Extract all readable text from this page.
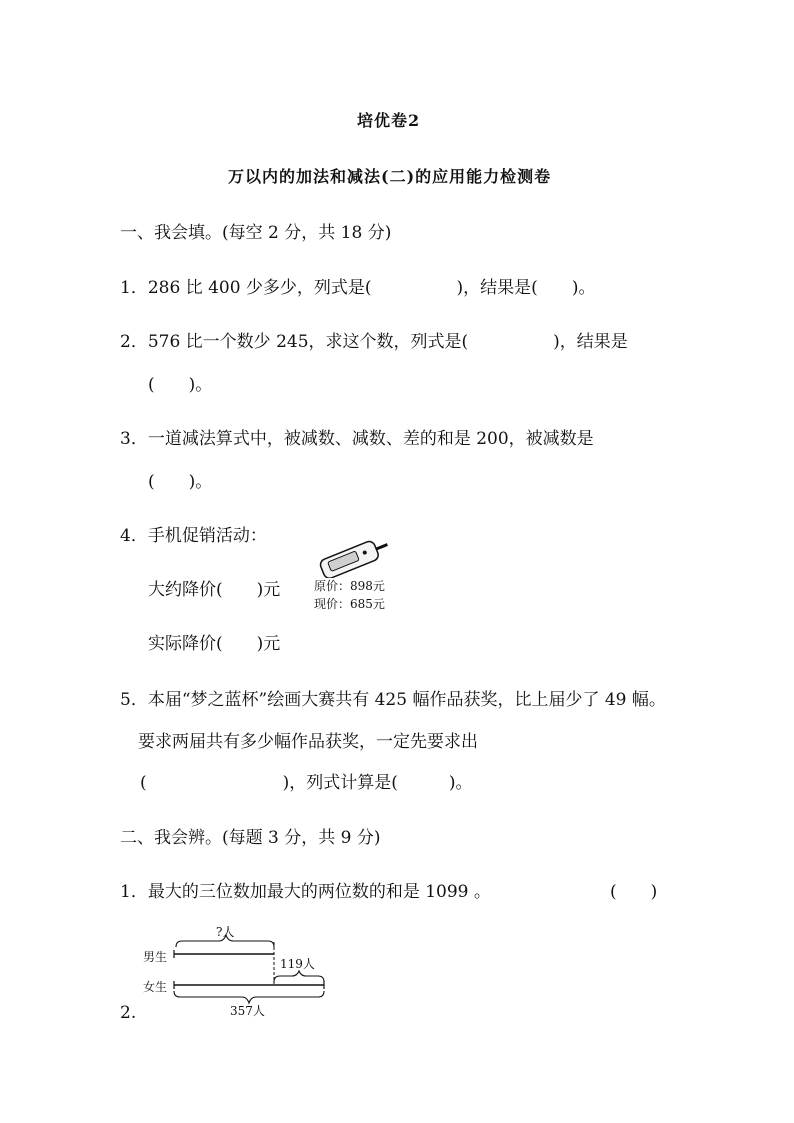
培优卷2
万以内的加法和减法(二)的应用能力检测卷
一、我会填。(每空 2 分，共 18 分)
1．286 比 400 少多少，列式是(　　　　　)，结果是(　　)。
2．576 比一个数少 245，求这个数，列式是(　　　　　)，结果是
(　　)。
3．一道减法算式中，被减数、减数、差的和是 200，被减数是
(　　)。
4．手机促销活动：
大约降价(　　)元
实际降价(　　)元
原价：898元
现价：685元
5．本届“梦之蓝杯”绘画大赛共有 425 幅作品获奖，比上届少了 49 幅。
要求两届共有多少幅作品获奖，一定先要求出
(　　　　　　　　)，列式计算是(　　　)。
二、我会辨。(每题 3 分，共 9 分)
1．最大的三位数加最大的两位数的和是 1099 。	(　　)
?人
男生	119人
女生
357人
2.
